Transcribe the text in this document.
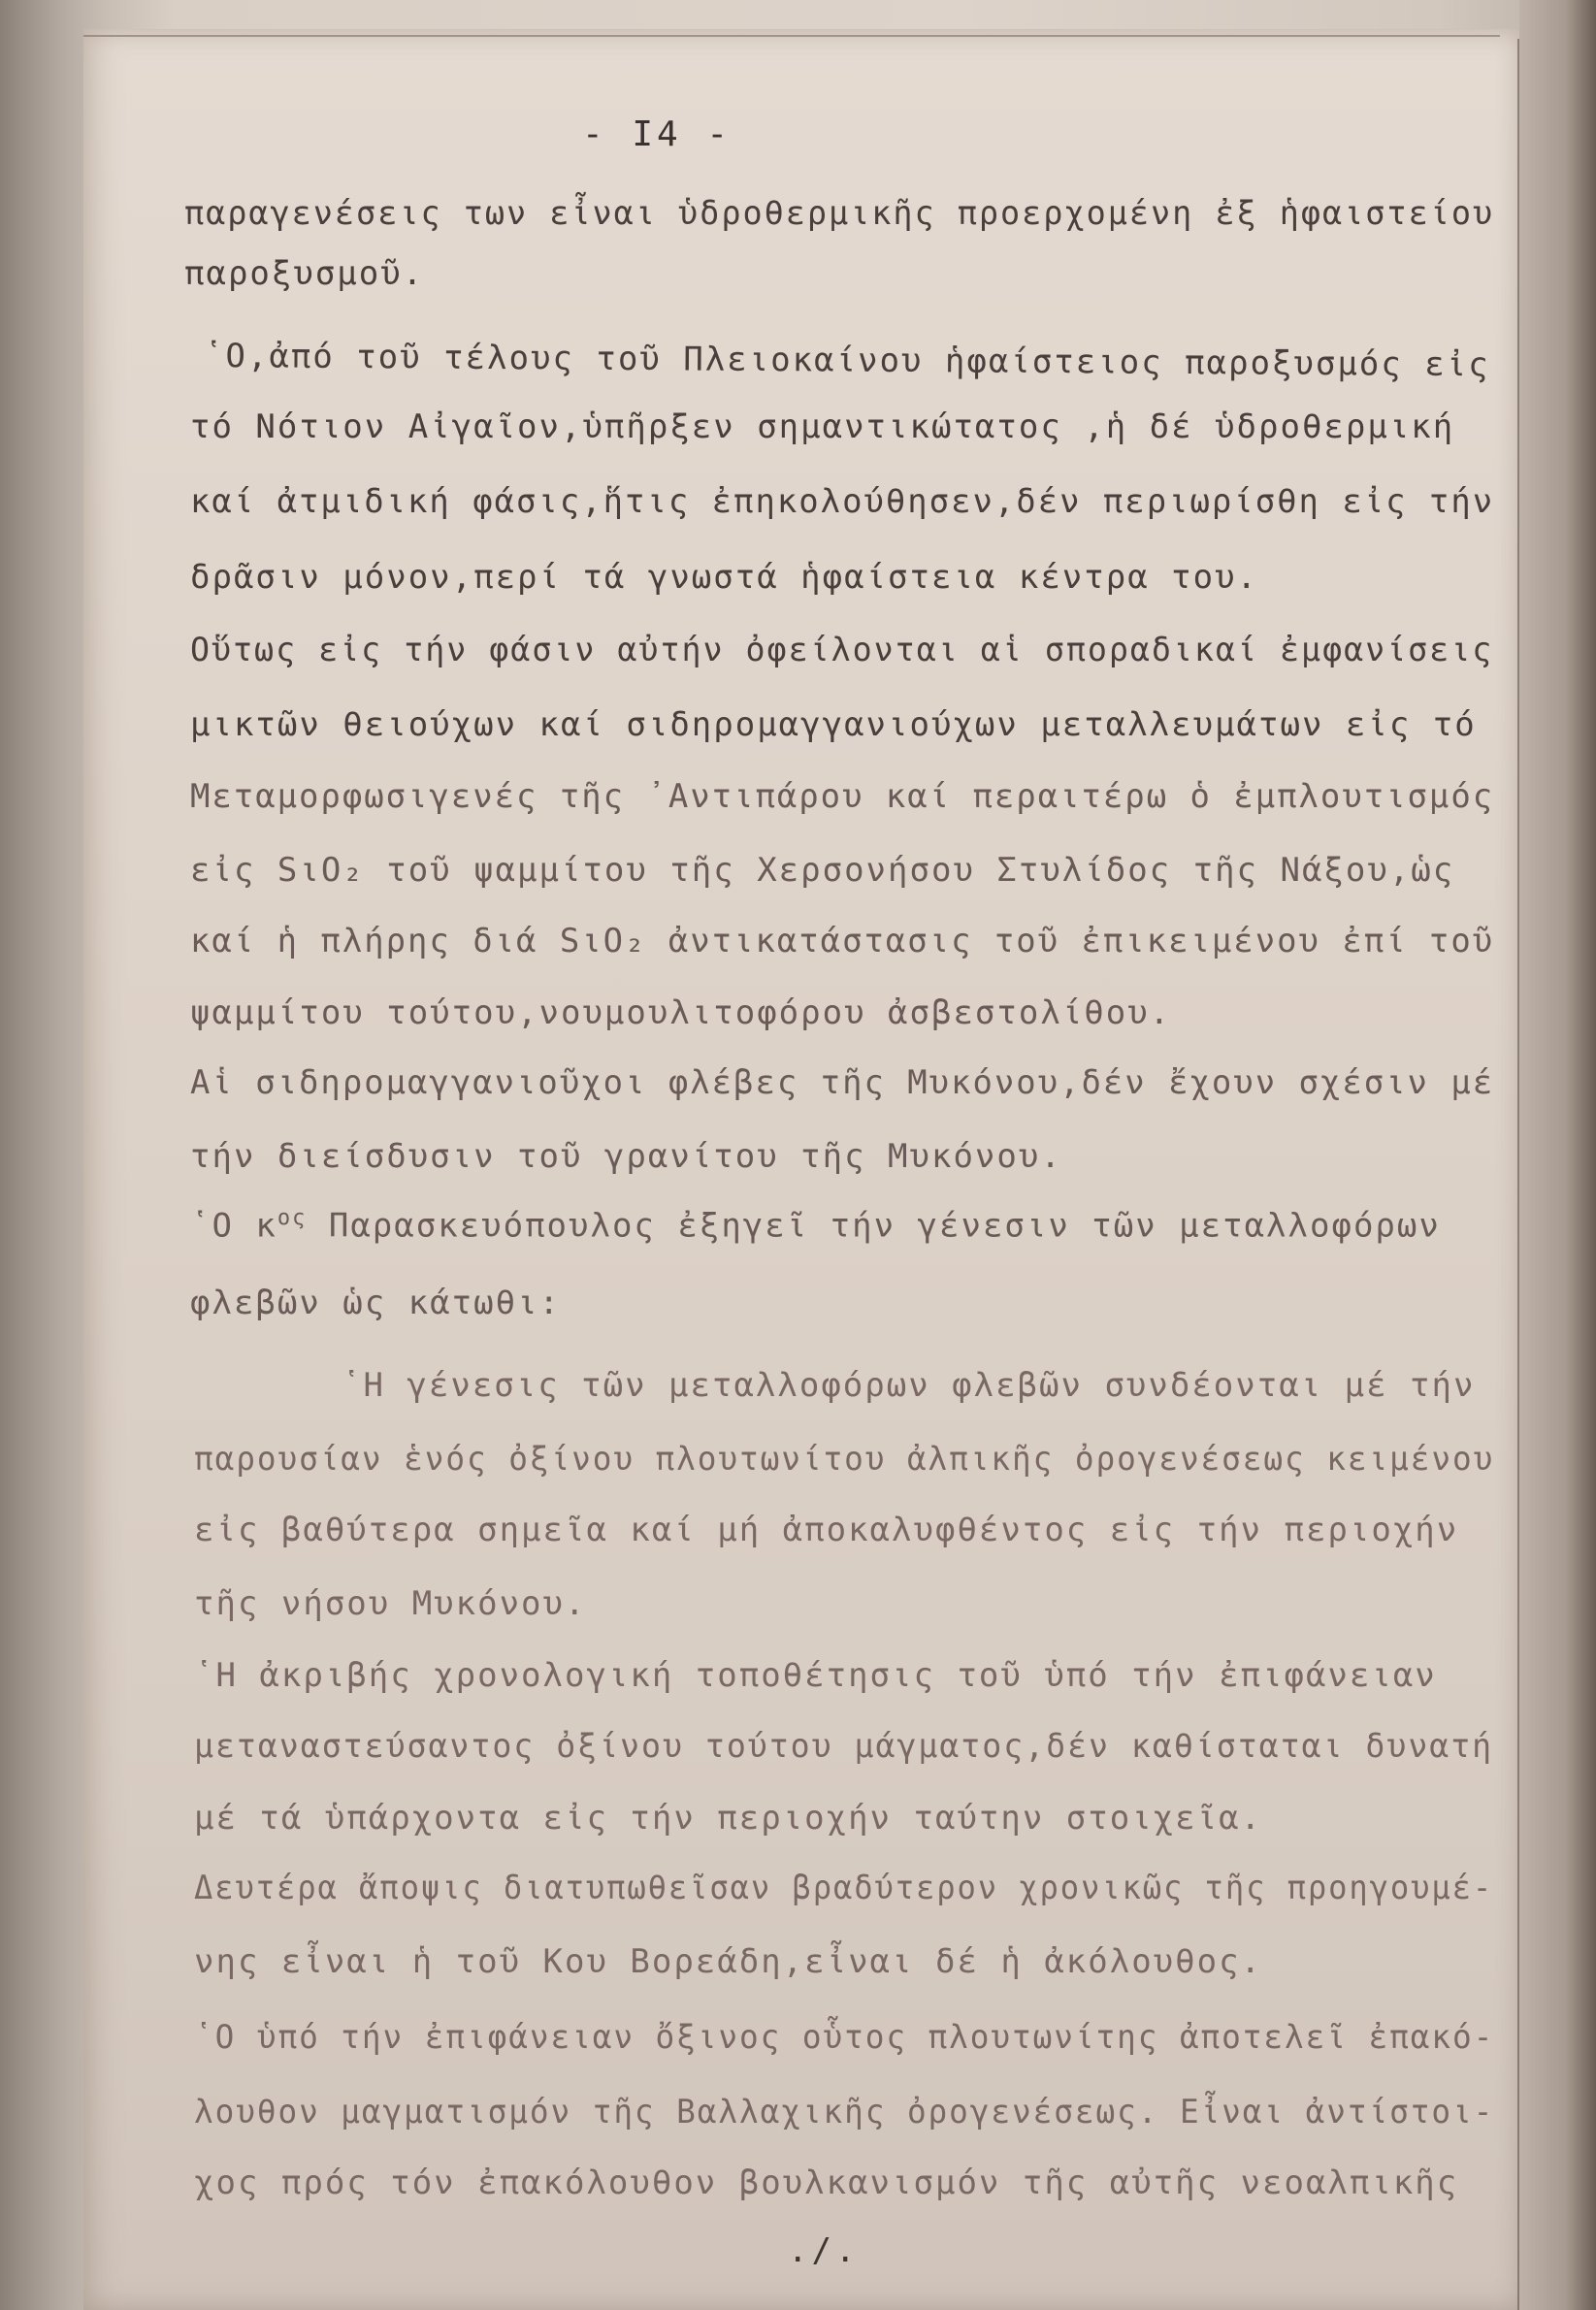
- I4 -
παραγενέσεις των εἶναι ὑδροθερμικῆς προερχομένη ἐξ ἡφαιστείου
παροξυσμοῦ.
῾Ο,ἀπό τοῦ τέλους τοῦ Πλειοκαίνου ἡφαίστειος παροξυσμός εἰς
τό Νότιον Αἰγαῖον,ὑπῆρξεν σημαντικώτατος ,ἡ δέ ὑδροθερμική
καί ἀτμιδική φάσις,ἥτις ἐπηκολούθησεν,δέν περιωρίσθη εἰς τήν
δρᾶσιν μόνον,περί τά γνωστά ἡφαίστεια κέντρα του.
Οὕτως εἰς τήν φάσιν αὐτήν ὀφείλονται αἱ σποραδικαί ἐμφανίσεις
μικτῶν θειούχων καί σιδηρομαγγανιούχων μεταλλευμάτων εἰς τό
Μεταμορφωσιγενές τῆς ᾿Αντιπάρου καί περαιτέρω ὁ ἐμπλουτισμός
εἰς SιO₂ τοῦ ψαμμίτου τῆς Χερσονήσου Στυλίδος τῆς Νάξου,ὡς
καί ἡ πλήρης διά SιO₂ ἀντικατάστασις τοῦ ἐπικειμένου ἐπί τοῦ
ψαμμίτου τούτου,νουμουλιτοφόρου ἀσβεστολίθου.
Αἱ σιδηρομαγγανιοῦχοι φλέβες τῆς Μυκόνου,δέν ἔχουν σχέσιν μέ
τήν διείσδυσιν τοῦ γρανίτου τῆς Μυκόνου.
῾Ο $\kappa^{o\varsigma}$ Παρασκευόπουλος ἐξηγεῖ τήν γένεσιν τῶν μεταλλοφόρων
φλεβῶν ὡς κάτωθι:
῾Η γένεσις τῶν μεταλλοφόρων φλεβῶν συνδέονται μέ τήν
παρουσίαν ἑνός ὀξίνου πλουτωνίτου ἀλπικῆς ὀρογενέσεως κειμένου
εἰς βαθύτερα σημεῖα καί μή ἀποκαλυφθέντος εἰς τήν περιοχήν
τῆς νήσου Μυκόνου.
῾Η ἀκριβής χρονολογική τοποθέτησις τοῦ ὑπό τήν ἐπιφάνειαν
μεταναστεύσαντος ὀξίνου τούτου μάγματος,δέν καθίσταται δυνατή
μέ τά ὑπάρχοντα εἰς τήν περιοχήν ταύτην στοιχεῖα.
Δευτέρα ἄποψις διατυπωθεῖσαν βραδύτερον χρονικῶς τῆς προηγουμέ-
νης εἶναι ἡ τοῦ Κου Βορεάδη,εἶναι δέ ἡ ἀκόλουθος.
῾Ο ὑπό τήν ἐπιφάνειαν ὄξινος οὗτος πλουτωνίτης ἀποτελεῖ ἐπακό-
λουθον μαγματισμόν τῆς Βαλλαχικῆς ὀρογενέσεως. Εἶναι ἀντίστοι-
χος πρός τόν ἐπακόλουθον βουλκανισμόν τῆς αὐτῆς νεοαλπικῆς
./.
